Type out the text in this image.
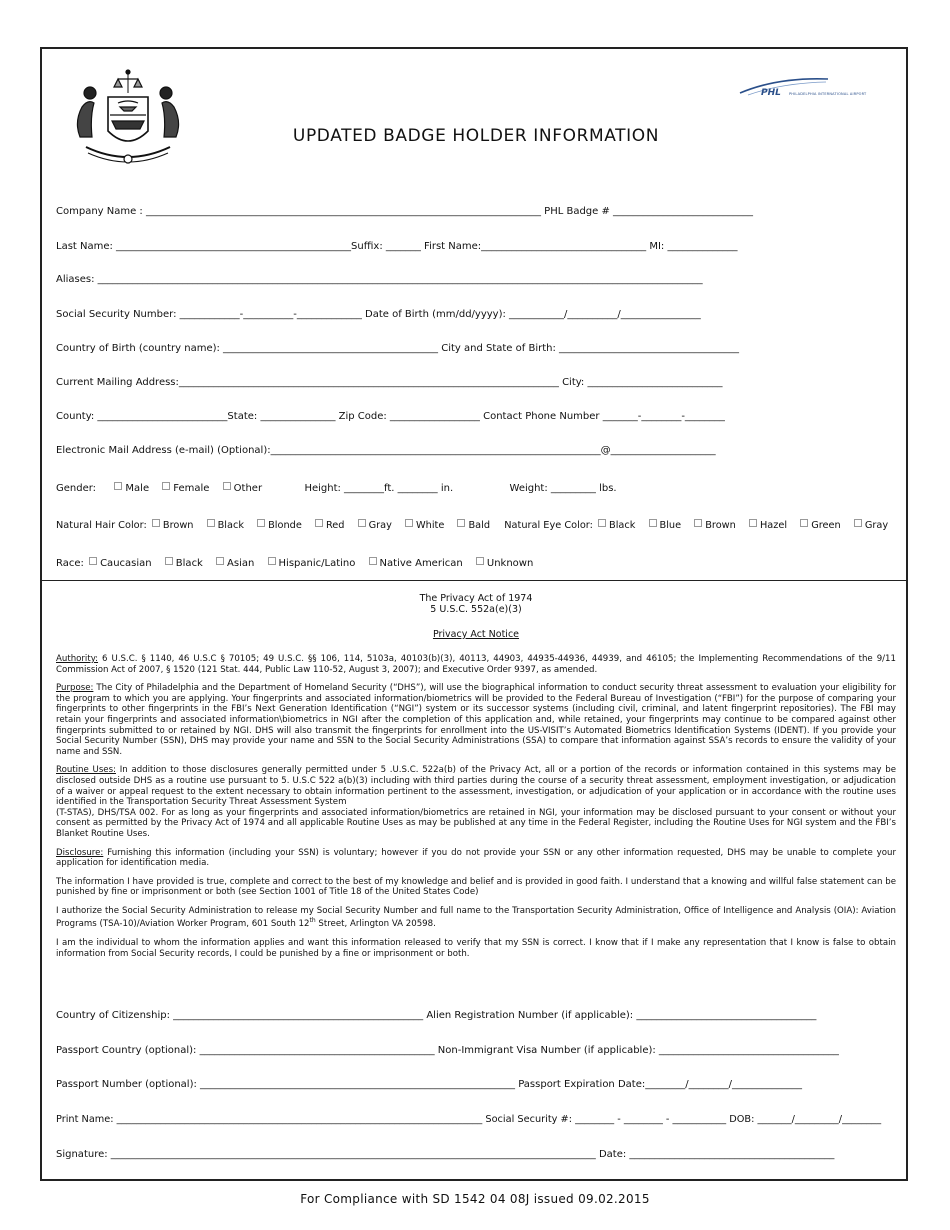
PHL PHILADELPHIA INTERNATIONAL AIRPORT
UPDATED BADGE HOLDER INFORMATION
Company Name : _______________________________________________________________________________ PHL Badge # ____________________________
Last Name: _______________________________________________Suffix: _______ First Name:_________________________________ MI: ______________
Aliases: _________________________________________________________________________________________________________________________
Social Security Number: ____________-__________-_____________ Date of Birth (mm/dd/yyyy): ___________/__________/________________
Country of Birth (country name): ___________________________________________ City and State of Birth: ____________________________________
Current Mailing Address:____________________________________________________________________________ City: ___________________________
County: __________________________State: _______________ Zip Code: __________________ Contact Phone Number _______-________-________
Electronic Mail Address (e-mail) (Optional):__________________________________________________________________@_____________________
Gender:	Male Female Other	Height: ________ft. ________ in.	Weight: _________ lbs.
Natural Hair Color: Brown Black Blonde Red Gray White Bald Natural Eye Color: Black Blue Brown Hazel Green Gray
Race: Caucasian Black Asian Hispanic/Latino Native American Unknown
The Privacy Act of 1974
5 U.S.C. 552a(e)(3)
Privacy Act Notice

Authority: 6 U.S.C. § 1140, 46 U.S.C § 70105; 49 U.S.C. §§ 106, 114, 5103a, 40103(b)(3), 40113, 44903, 44935-44936, 44939, and 46105; the Implementing Recommendations of the 9/11 Commission Act of 2007, § 1520 (121 Stat. 444, Public Law 110-52, August 3, 2007); and Executive Order 9397, as amended.

Purpose: The City of Philadelphia and the Department of Homeland Security (“DHS”), will use the biographical information to conduct security threat assessment to evaluation your eligibility for the program to which you are applying. Your fingerprints and associated information/biometrics will be provided to the Federal Bureau of Investigation (“FBI”) for the purpose of comparing your fingerprints to other fingerprints in the FBI’s Next Generation Identification (“NGI”) system or its successor systems (including civil, criminal, and latent fingerprint repositories). The FBI may retain your fingerprints and associated information\biometrics in NGI after the completion of this application and, while retained, your fingerprints may continue to be compared against other fingerprints submitted to or retained by NGI. DHS will also transmit the fingerprints for enrollment into the US-VISIT’s Automated Biometrics Identification Systems (IDENT). If you provide your Social Security Number (SSN), DHS may provide your name and SSN to the Social Security Administrations (SSA) to compare that information against SSA’s records to ensure the validity of your name and SSN.

Routine Uses: In addition to those disclosures generally permitted under 5 .U.S.C. 522a(b) of the Privacy Act, all or a portion of the records or information contained in this systems may be disclosed outside DHS as a routine use pursuant to 5. U.S.C 522 a(b)(3) including with third parties during the course of a security threat assessment, employment investigation, or adjudication of a waiver or appeal request to the extent necessary to obtain information pertinent to the assessment, investigation, or adjudication of your application or in accordance with the routine uses identified in the Transportation Security Threat Assessment System

(T-STAS), DHS/TSA 002. For as long as your fingerprints and associated information/biometrics are retained in NGI, your information may be disclosed pursuant to your consent or without your consent as permitted by the Privacy Act of 1974 and all applicable Routine Uses as may be published at any time in the Federal Register, including the Routine Uses for NGI system and the FBI’s Blanket Routine Uses.

Disclosure: Furnishing this information (including your SSN) is voluntary; however if you do not provide your SSN or any other information requested, DHS may be unable to complete your application for identification media.

The information I have provided is true, complete and correct to the best of my knowledge and belief and is provided in good faith. I understand that a knowing and willful false statement can be punished by fine or imprisonment or both (see Section 1001 of Title 18 of the United States Code)

I authorize the Social Security Administration to release my Social Security Number and full name to the Transportation Security Administration, Office of Intelligence and Analysis (OIA): Aviation Programs (TSA-10)/Aviation Worker Program, 601 South 12th Street, Arlington VA 20598.

I am the individual to whom the information applies and want this information released to verify that my SSN is correct. I know that if I make any representation that I know is false to obtain information from Social Security records, I could be punished by a fine or imprisonment or both.

Country of Citizenship: __________________________________________________ Alien Registration Number (if applicable): ____________________________________
Passport Country (optional): _______________________________________________ Non-Immigrant Visa Number (if applicable): ____________________________________
Passport Number (optional): _______________________________________________________________ Passport Expiration Date:________/________/______________
Print Name: ___________________________________________________________________________ Social Security #: ________ - ________ - ___________ DOB: _______/_________/________
Signature: _________________________________________________________________________________________________ Date: _________________________________________
For Compliance with SD 1542 04 08J issued 09.02.2015
